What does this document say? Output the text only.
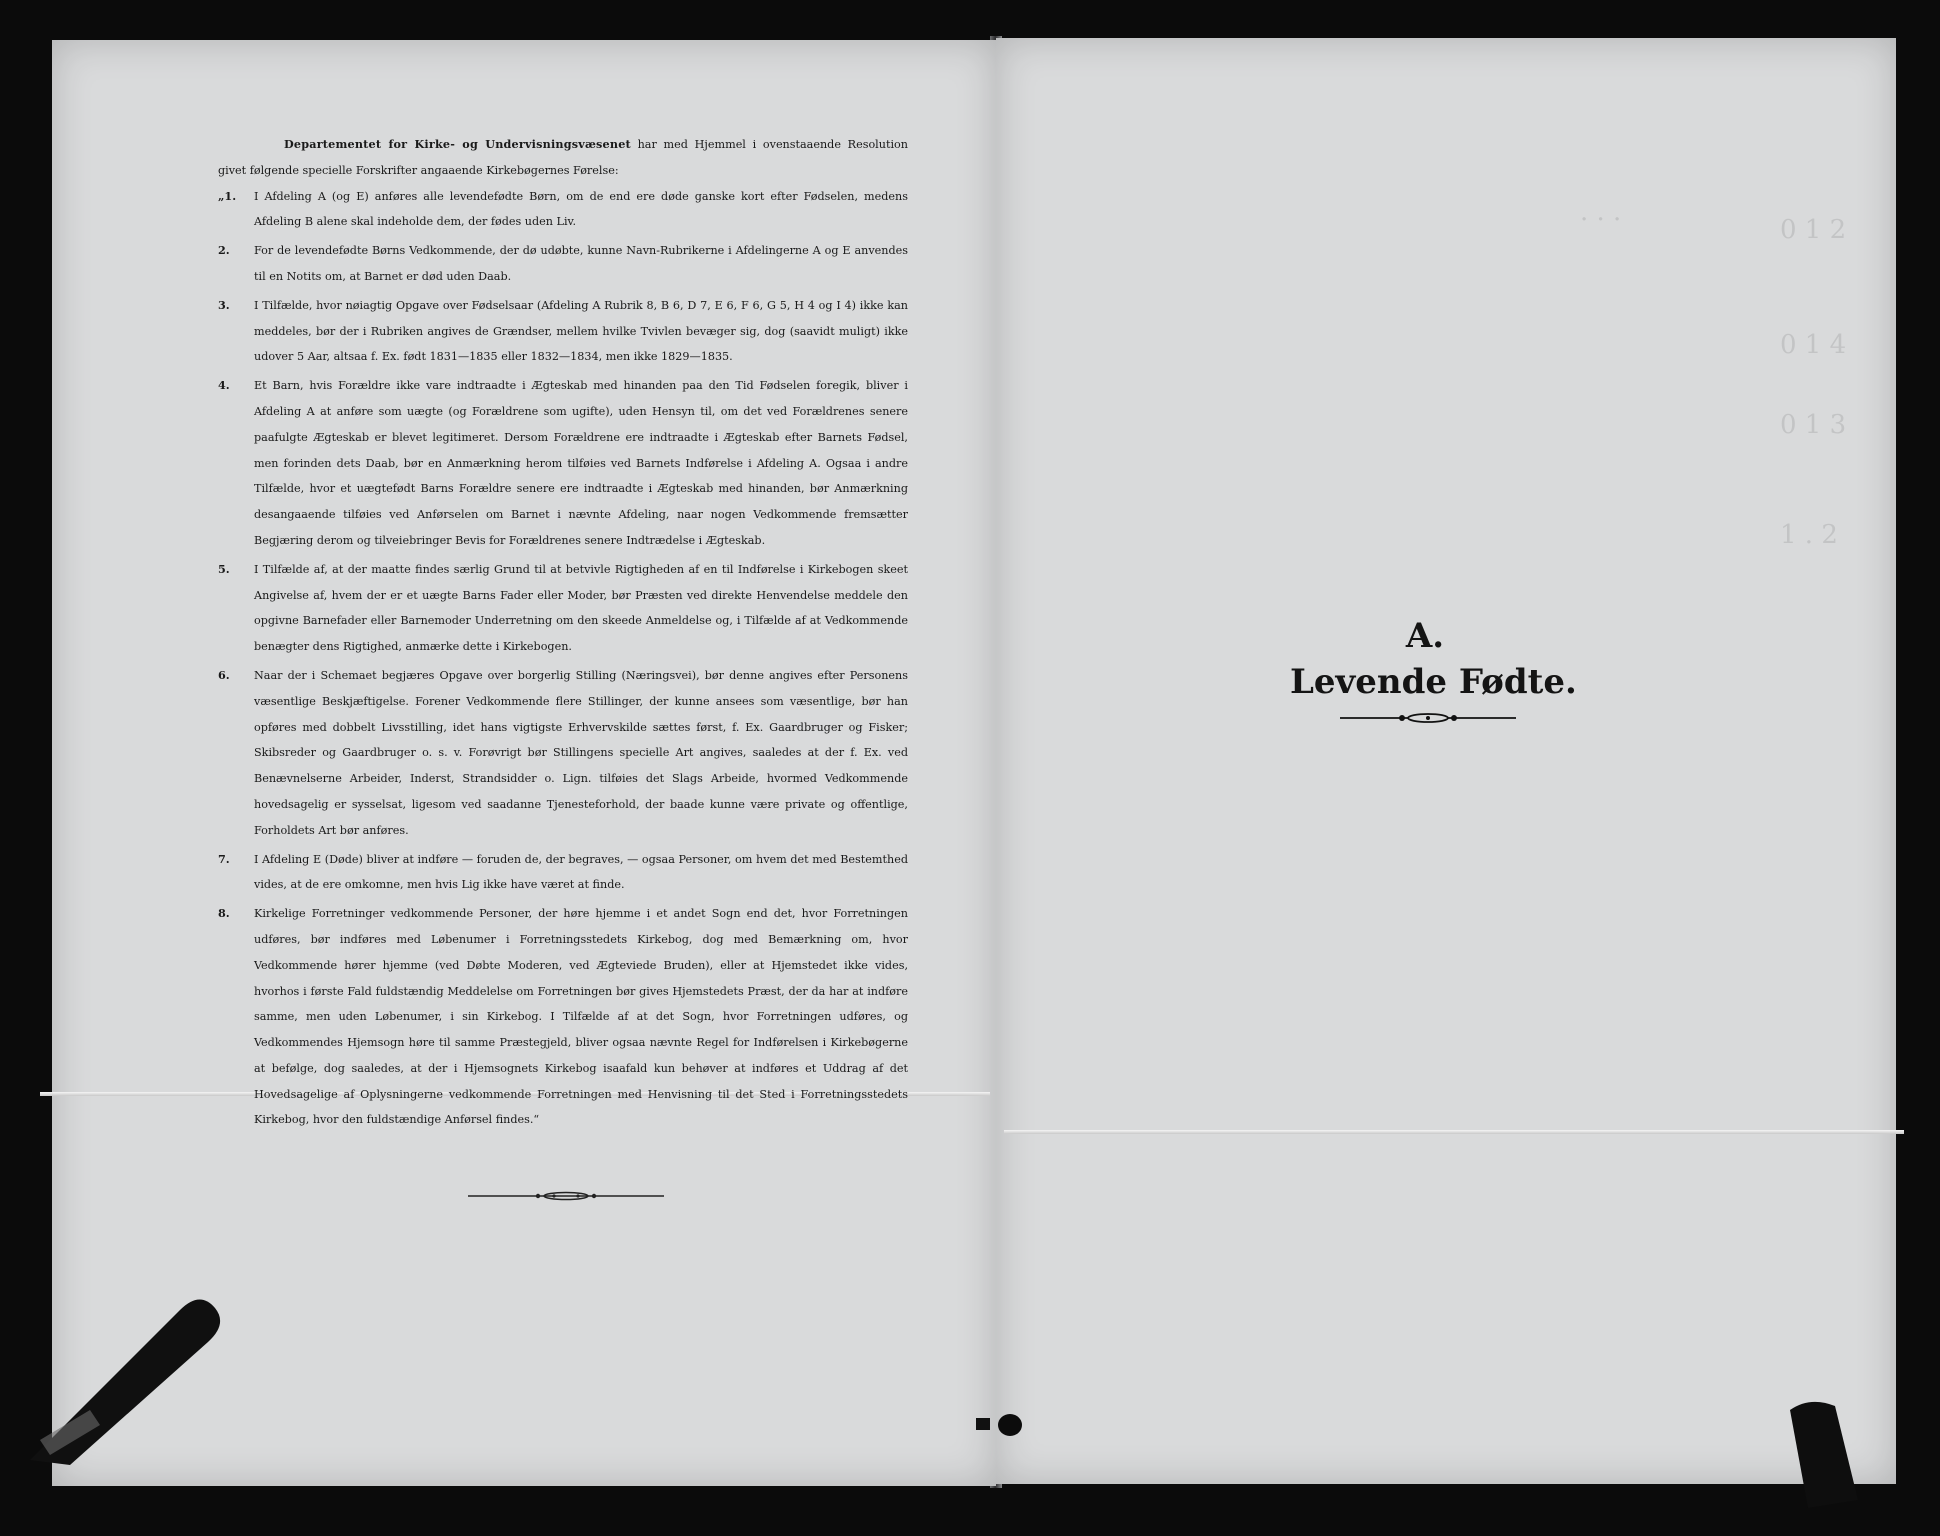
· · ·	0 1 2
0 1 4
0 1 3
1 . 2

Departementet for Kirke- og Undervisningsvæsenet har med Hjemmel i ovenstaaende Resolution givet følgende specielle Forskrifter angaaende Kirkebøgernes Førelse:

„1. I Afdeling A (og E) anføres alle levendefødte Børn, om de end ere døde ganske kort efter Fødselen, medens Afdeling B alene skal indeholde dem, der fødes uden Liv.
2. For de levendefødte Børns Vedkommende, der dø udøbte, kunne Navn-Rubrikerne i Afdelingerne A og E anvendes til en Notits om, at Barnet er død uden Daab.
3. I Tilfælde, hvor nøiagtig Opgave over Fødselsaar (Afdeling A Rubrik 8, B 6, D 7, E 6, F 6, G 5, H 4 og I 4) ikke kan meddeles, bør der i Rubriken angives de Grændser, mellem hvilke Tvivlen bevæger sig, dog (saavidt muligt) ikke udover 5 Aar, altsaa f. Ex. født 1831—1835 eller 1832—1834, men ikke 1829—1835.
4. Et Barn, hvis Forældre ikke vare indtraadte i Ægteskab med hinanden paa den Tid Fødselen foregik, bliver i Afdeling A at anføre som uægte (og Forældrene som ugifte), uden Hensyn til, om det ved Forældrenes senere paafulgte Ægteskab er blevet legitimeret. Dersom Forældrene ere indtraadte i Ægteskab efter Barnets Fødsel, men forinden dets Daab, bør en Anmærkning herom tilføies ved Barnets Indførelse i Afdeling A. Ogsaa i andre Tilfælde, hvor et uægtefødt Barns Forældre senere ere indtraadte i Ægteskab med hinanden, bør Anmærkning desangaaende tilføies ved Anførselen om Barnet i nævnte Afdeling, naar nogen Vedkommende fremsætter Begjæring derom og tilveiebringer Bevis for Forældrenes senere Indtrædelse i Ægteskab.
5. I Tilfælde af, at der maatte findes særlig Grund til at betvivle Rigtigheden af en til Indførelse i Kirkebogen skeet Angivelse af, hvem der er et uægte Barns Fader eller Moder, bør Præsten ved direkte Henvendelse meddele den opgivne Barnefader eller Barnemoder Underretning om den skeede Anmeldelse og, i Tilfælde af at Vedkommende benægter dens Rigtighed, anmærke dette i Kirkebogen.
6. Naar der i Schemaet begjæres Opgave over borgerlig Stilling (Næringsvei), bør denne angives efter Personens væsentlige Beskjæftigelse. Forener Vedkommende flere Stillinger, der kunne ansees som væsentlige, bør han opføres med dobbelt Livsstilling, idet hans vigtigste Erhvervskilde sættes først, f. Ex. Gaardbruger og Fisker; Skibsreder og Gaardbruger o. s. v. Forøvrigt bør Stillingens specielle Art angives, saaledes at der f. Ex. ved Benævnelserne Arbeider, Inderst, Strandsidder o. Lign. tilføies det Slags Arbeide, hvormed Vedkommende hovedsagelig er sysselsat, ligesom ved saadanne Tjenesteforhold, der baade kunne være private og offentlige, Forholdets Art bør anføres.
7. I Afdeling E (Døde) bliver at indføre — foruden de, der begraves, — ogsaa Personer, om hvem det med Bestemthed vides, at de ere omkomne, men hvis Lig ikke have været at finde.
8. Kirkelige Forretninger vedkommende Personer, der høre hjemme i et andet Sogn end det, hvor Forretningen udføres, bør indføres med Løbenumer i Forretningsstedets Kirkebog, dog med Bemærkning om, hvor Vedkommende hører hjemme (ved Døbte Moderen, ved Ægteviede Bruden), eller at Hjemstedet ikke vides, hvorhos i første Fald fuldstændig Meddelelse om Forretningen bør gives Hjemstedets Præst, der da har at indføre samme, men uden Løbenumer, i sin Kirkebog. I Tilfælde af at det Sogn, hvor Forretningen udføres, og Vedkommendes Hjemsogn høre til samme Præstegjeld, bliver ogsaa nævnte Regel for Indførelsen i Kirkebøgerne at befølge, dog saaledes, at der i Hjemsognets Kirkebog isaafald kun behøver at indføres et Uddrag af det Hovedsagelige af Oplysningerne vedkommende Forretningen med Henvisning til det Sted i Forretningsstedets Kirkebog, hvor den fuldstændige Anførsel findes.“
A.
Levende Fødte.
